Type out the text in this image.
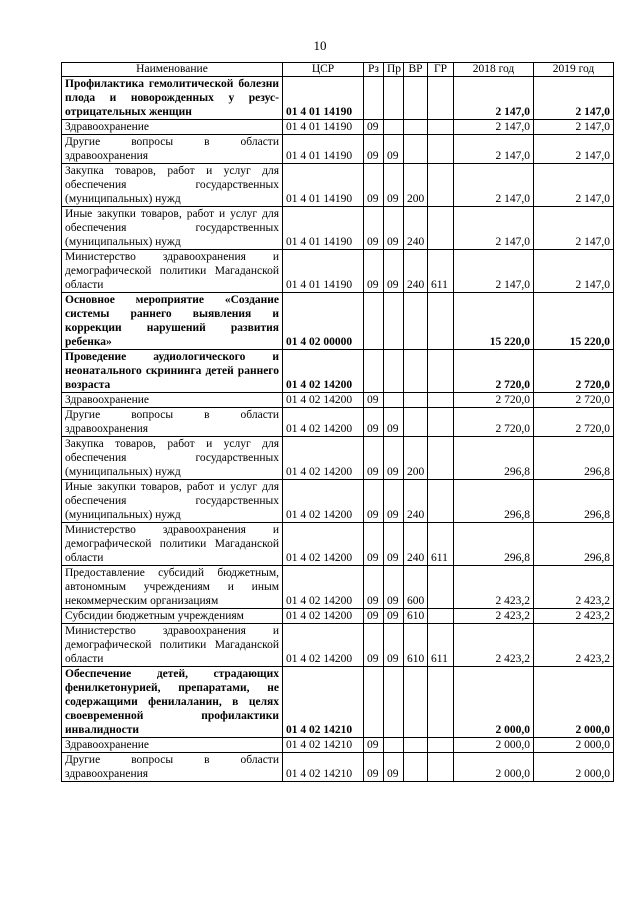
10
Наименование	ЦСР	Рз	Пр	ВР	ГР	2018 год	2019 год
Профилактика гемолитической болезни плода и новорожденных у резус-отрицательных женщин	01 4 01 14190					2 147,0	2 147,0
Здравоохранение	01 4 01 14190	09				2 147,0	2 147,0
Другие вопросы в области здравоохранения	01 4 01 14190	09	09			2 147,0	2 147,0
Закупка товаров, работ и услуг для обеспечения государственных (муниципальных) нужд	01 4 01 14190	09	09	200		2 147,0	2 147,0
Иные закупки товаров, работ и услуг для обеспечения государственных (муниципальных) нужд	01 4 01 14190	09	09	240		2 147,0	2 147,0
Министерство здравоохранения и демографической политики Магаданской области	01 4 01 14190	09	09	240	611	2 147,0	2 147,0
Основное мероприятие «Создание системы раннего выявления и коррекции нарушений развития ребенка»	01 4 02 00000					15 220,0	15 220,0
Проведение аудиологического и неонатального скрининга детей раннего возраста	01 4 02 14200					2 720,0	2 720,0
Здравоохранение	01 4 02 14200	09				2 720,0	2 720,0
Другие вопросы в области здравоохранения	01 4 02 14200	09	09			2 720,0	2 720,0
Закупка товаров, работ и услуг для обеспечения государственных (муниципальных) нужд	01 4 02 14200	09	09	200		296,8	296,8
Иные закупки товаров, работ и услуг для обеспечения государственных (муниципальных) нужд	01 4 02 14200	09	09	240		296,8	296,8
Министерство здравоохранения и демографической политики Магаданской области	01 4 02 14200	09	09	240	611	296,8	296,8
Предоставление субсидий бюджетным, автономным учреждениям и иным некоммерческим организациям	01 4 02 14200	09	09	600		2 423,2	2 423,2
Субсидии бюджетным учреждениям	01 4 02 14200	09	09	610		2 423,2	2 423,2
Министерство здравоохранения и демографической политики Магаданской области	01 4 02 14200	09	09	610	611	2 423,2	2 423,2
Обеспечение детей, страдающих фенилкетонурией, препаратами, не содержащими фенилаланин, в целях своевременной профилактики инвалидности	01 4 02 14210					2 000,0	2 000,0
Здравоохранение	01 4 02 14210	09				2 000,0	2 000,0
Другие вопросы в области здравоохранения	01 4 02 14210	09	09			2 000,0	2 000,0
